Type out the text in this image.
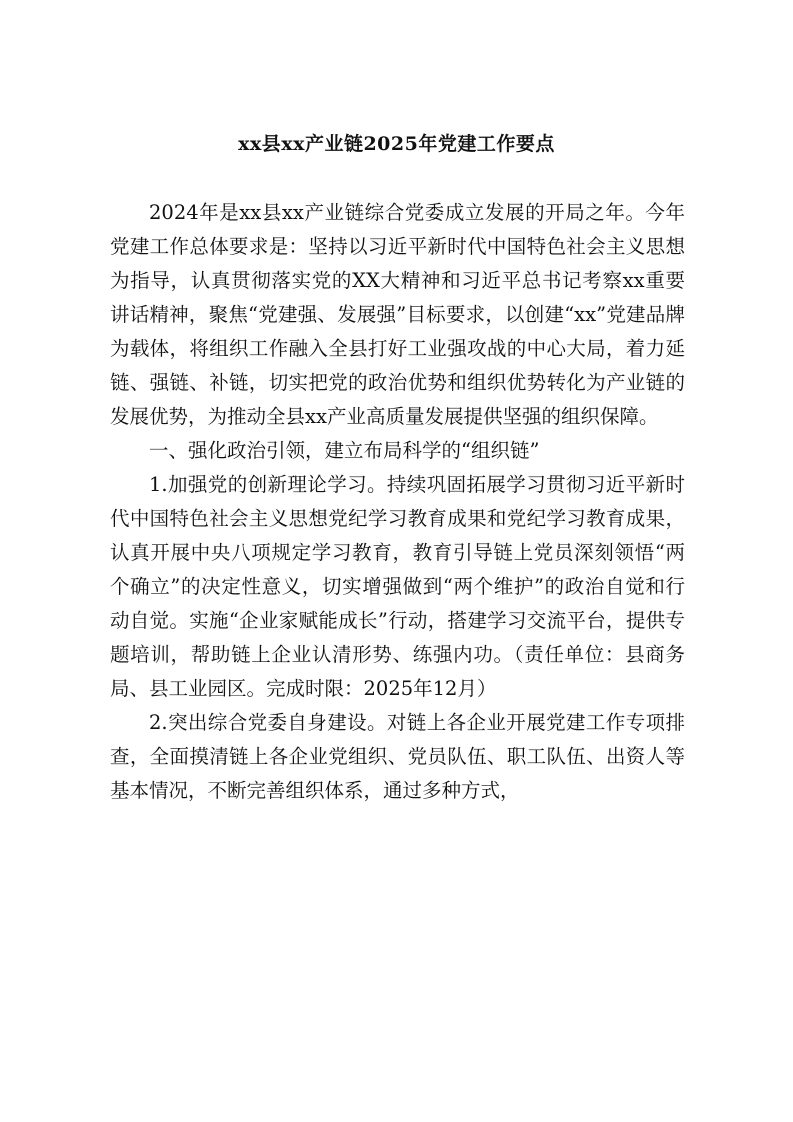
xx县xx产业链2025年党建工作要点

2024年是xx县xx产业链综合党委成立发展的开局之年。今年党建工作总体要求是：坚持以习近平新时代中国特色社会主义思想为指导，认真贯彻落实党的XX大精神和习近平总书记考察xx重要讲话精神，聚焦“党建强、发展强”目标要求，以创建“xx”党建品牌为载体，将组织工作融入全县打好工业强攻战的中心大局，着力延链、强链、补链，切实把党的政治优势和组织优势转化为产业链的发展优势，为推动全县xx产业高质量发展提供坚强的组织保障。

一、强化政治引领，建立布局科学的“组织链”

1.加强党的创新理论学习。持续巩固拓展学习贯彻习近平新时代中国特色社会主义思想党纪学习教育成果和党纪学习教育成果，认真开展中央八项规定学习教育，教育引导链上党员深刻领悟“两个确立”的决定性意义，切实增强做到“两个维护”的政治自觉和行动自觉。实施“企业家赋能成长”行动，搭建学习交流平台，提供专题培训，帮助链上企业认清形势、练强内功。（责任单位：县商务局、县工业园区。完成时限：2025年12月）

2.突出综合党委自身建设。对链上各企业开展党建工作专项排查，全面摸清链上各企业党组织、党员队伍、职工队伍、出资人等基本情况，不断完善组织体系，通过多种方式，
